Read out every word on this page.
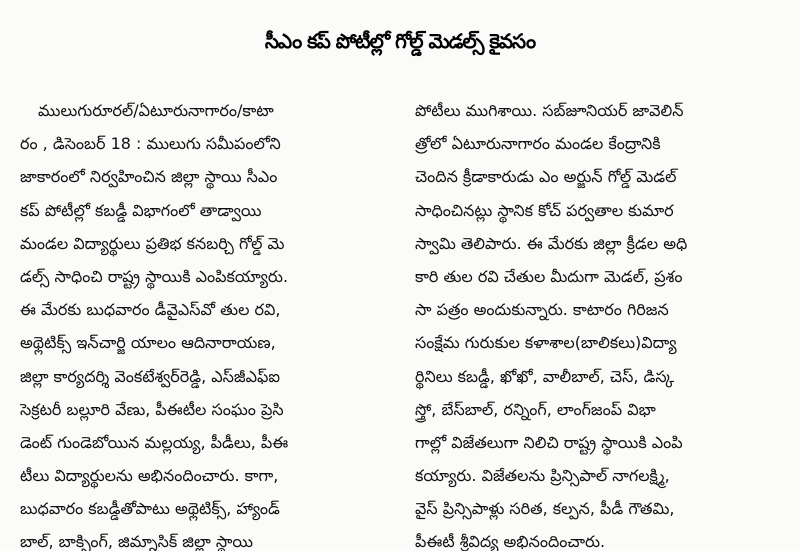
సీఎం కప్ పోటీల్లో గోల్డ్ మెడల్స్ కైవసం
ములుగురూరల్/ఏటూరునాగారం/కాటా
రం , డిసెంబర్ 18 : ములుగు సమీపంలోని
జాకారంలో నిర్వహించిన జిల్లా స్థాయి సీఎం
కప్ పోటీల్లో కబడ్డీ విభాగంలో తాడ్వాయి
మండల విద్యార్థులు ప్రతిభ కనబర్చి గోల్డ్ మె
డల్స్ సాధించి రాష్ట్ర స్థాయికి ఎంపికయ్యారు.
ఈ మేరకు బుధవారం డీవైఎస్‌వో తుల రవి,
అథ్లెటిక్స్ ఇన్‌చార్జి యాలం ఆదినారాయణ,
జిల్లా కార్యదర్శి వెంకటేశ్వర్‌రెడ్డి, ఎస్‌జీఎఫ్‌ఐ
సెక్రటరీ బల్లూరి వేణు, పీఈటీల సంఘం ప్రెసి
డెంట్ గుండెబోయిన మల్లయ్య, పీడీలు, పీఈ
టీలు విద్యార్థులను అభినందించారు. కాగా,
బుధవారం కబడ్డీతోపాటు అథ్లెటిక్స్, హ్యాండ్
బాల్, బాక్సింగ్, జిమ్నాసిక్ జిల్లా స్థాయి
పోటీలు ముగిశాయి. సబ్‌జూనియర్ జావెలిన్
త్రోలో ఏటూరునాగారం మండల కేంద్రానికి
చెందిన క్రీడాకారుడు ఎం అర్జున్ గోల్డ్ మెడల్
సాధించినట్లు స్థానిక కోచ్ పర్వతాల కుమార
స్వామి తెలిపారు. ఈ మేరకు జిల్లా క్రీడల అధి
కారి తుల రవి చేతుల మీదుగా మెడల్, ప్రశం
సా పత్రం అందుకున్నారు. కాటారం గిరిజన
సంక్షేమ గురుకుల కళాశాల(బాలికలు)విద్యా
ర్థినిలు కబడ్డీ, ఖోఖో, వాలీబాల్, చెస్, డిస్క
స్త్రో, బేస్‌బాల్, రన్నింగ్, లాంగ్‌జంప్ విభా
గాల్లో విజేతలుగా నిలిచి రాష్ట్ర స్థాయికి ఎంపి
కయ్యారు. విజేతలను ప్రిన్సిపాల్ నాగలక్ష్మి,
వైస్ ప్రిన్సిపాళ్లు సరిత, కల్పన, పీడీ గౌతమి,
పీఈటీ శ్రీవిద్య అభినందించారు.
